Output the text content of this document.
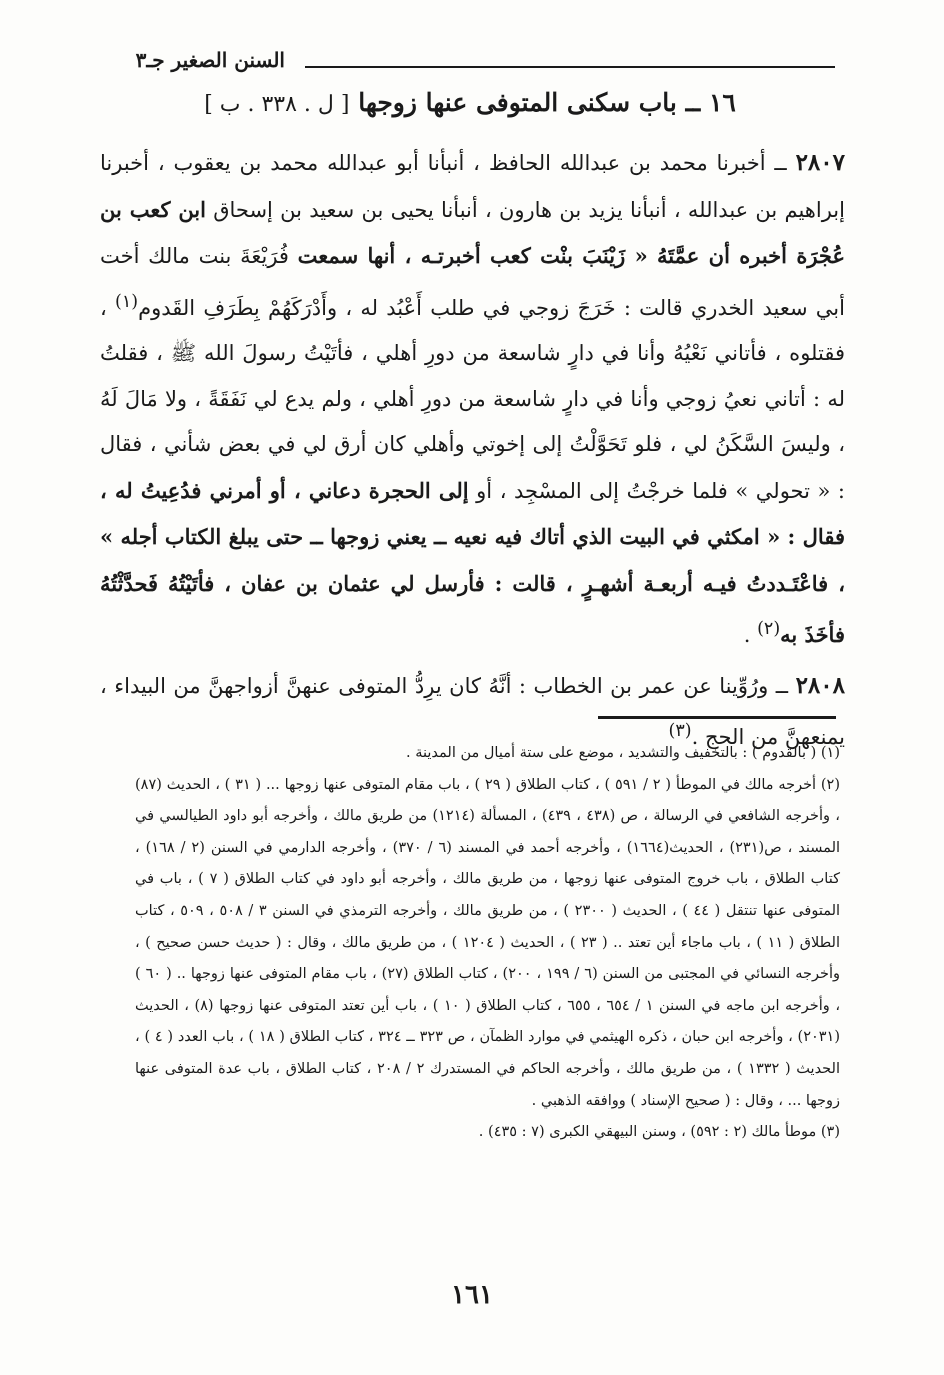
السنن الصغير جـ٣
١٦ ــ باب سكنى المتوفى عنها زوجها [ ل . ٣٣٨ . ب ]

٢٨٠٧ ــ أخبرنا محمد بن عبدالله الحافظ ، أنبأنا أبو عبدالله محمد بن يعقوب ، أخبرنا إبراهيم بن عبدالله ، أنبأنا يزيد بن هارون ، أنبأنا يحيى بن سعيد بن إسحاق ابن كعب بن عُجْرَة أخبره أن عمَّتَهُ « زَيْنَبَ بنْت كعب أخبرتـه ، أنها سمعت فُرَيْعَةَ بنت مالك أخت أبي سعيد الخدري قالت : خَرَجَ زوجي في طلب أَعْبُد له ، وأَدْرَكَهُمْ بِطَرَفِ القَدوم$^{(١)}$ ، فقتلوه ، فأتاني نَعْيُهُ وأنا في دارٍ شاسعة من دورِ أهلي ، فأتَيْتُ رسولَ الله ﷺ ، فقلتُ له : أتاني نعيُ زوجي وأنا في دارٍ شاسعة من دورِ أهلي ، ولم يدع لي نَفَقَةً ، ولا مَالَ لَهُ ، وليسَ السَّكَنُ لي ، فلو تَحَوَّلْتُ إلى إخوتي وأهلي كان أرق لي في بعض شأني ، فقال : « تحولي » فلما خرجْتُ إلى المسْجِد ، أو إلى الحجرة دعاني ، أو أمرني فدُعِيتُ له ، فقال : « امكثي في البيت الذي أتاك فيه نعيه ــ يعني زوجها ــ حتى يبلغ الكتاب أجله » ، فاعْتَـددتُ فيـه أربعـة أشهـرٍ ، قالت : فأرسل لي عثمان بن عفان ، فأتَيْتُهُ فَحدَّثْتُهُ فأخَذَ به$^{(٢)}$ .

٢٨٠٨ ــ ورُوِّينا عن عمر بن الخطاب : أنَّهُ كان يرِدُّ المتوفى عنهنَّ أزواجهنَّ من البيداء ، يمنعهنَّ من الحج .$^{(٣)}$

(١) ( بالقدوم ) : بالتخفيف والتشديد ، موضع على ستة أميال من المدينة .

(٢) أخرجه مالك في الموطأ ( ٢ / ٥٩١ ) ، كتاب الطلاق ( ٢٩ ) ، باب مقام المتوفى عنها زوجها ... ( ٣١ ) ، الحديث (٨٧) ، وأخرجه الشافعي في الرسالة ، ص (٤٣٨ ، ٤٣٩) ، المسألة (١٢١٤) من طريق مالك ، وأخرجه أبو داود الطيالسي في المسند ، ص(٢٣١) ، الحديث(١٦٦٤) ، وأخرجه أحمد في المسند (٦ / ٣٧٠) ، وأخرجه الدارمي في السنن (٢ / ١٦٨) ، كتاب الطلاق ، باب خروج المتوفى عنها زوجها ، من طريق مالك ، وأخرجه أبو داود في كتاب الطلاق ( ٧ ) ، باب في المتوفى عنها تنتقل ( ٤٤ ) ، الحديث ( ٢٣٠٠ ) ، من طريق مالك ، وأخرجه الترمذي في السنن ٣ / ٥٠٨ ، ٥٠٩ ، كتاب الطلاق ( ١١ ) ، باب ماجاء أين تعتد .. ( ٢٣ ) ، الحديث ( ١٢٠٤ ) ، من طريق مالك ، وقال : ( حديث حسن صحيح ) ، وأخرجه النسائي في المجتبى من السنن (٦ / ١٩٩ ، ٢٠٠) ، كتاب الطلاق (٢٧) ، باب مقام المتوفى عنها زوجها .. ( ٦٠ ) ، وأخرجه ابن ماجه في السنن ١ / ٦٥٤ ، ٦٥٥ ، كتاب الطلاق ( ١٠ ) ، باب أين تعتد المتوفى عنها زوجها (٨) ، الحديث (٢٠٣١) ، وأخرجه ابن حبان ، ذكره الهيثمي في موارد الظمآن ، ص ٣٢٣ ــ ٣٢٤ ، كتاب الطلاق ( ١٨ ) ، باب العدد ( ٤ ) ، الحديث ( ١٣٣٢ ) ، من طريق مالك ، وأخرجه الحاكم في المستدرك ٢ / ٢٠٨ ، كتاب الطلاق ، باب عدة المتوفى عنها زوجها ... ، وقال : ( صحيح الإسناد ) ووافقه الذهبي .

(٣) موطأ مالك (٢ : ٥٩٢) ، وسنن البيهقي الكبرى (٧ : ٤٣٥) .

١٦١
